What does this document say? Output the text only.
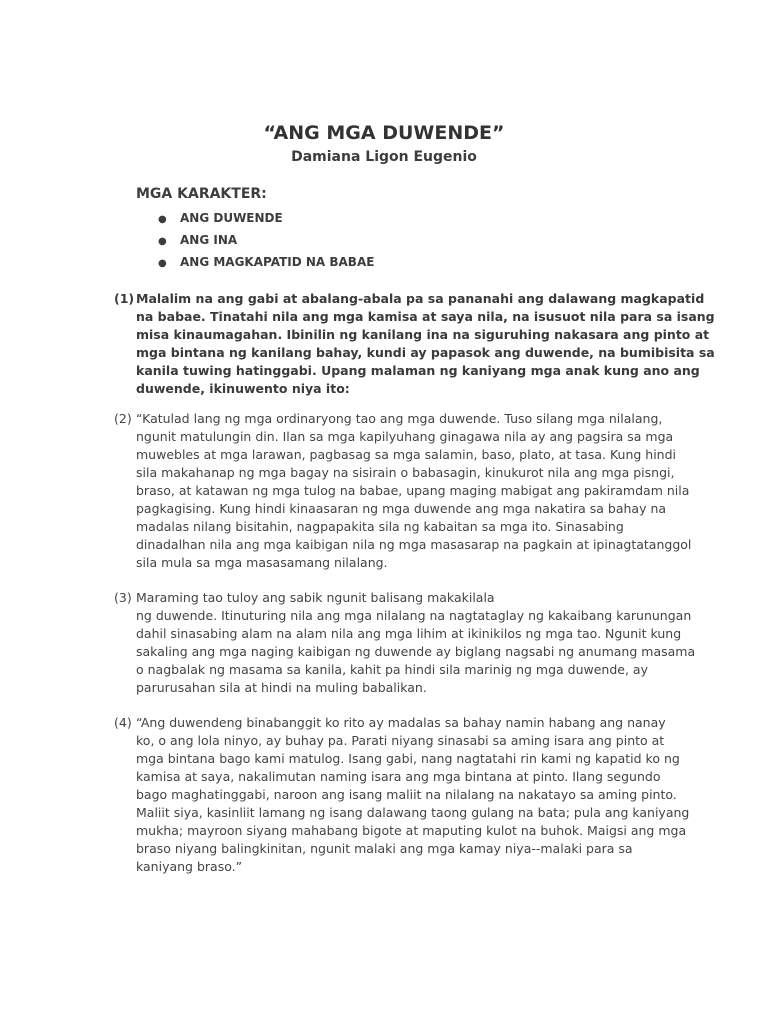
“ANG MGA DUWENDE”
Damiana Ligon Eugenio
MGA KARAKTER:
● ANG DUWENDE
● ANG INA
● ANG MAGKAPATID NA BABAE
(1) Malalim na ang gabi at abalang-abala pa sa pananahi ang dalawang magkapatid
na babae. Tinatahi nila ang mga kamisa at saya nila, na isusuot nila para sa isang
misa kinaumagahan. Ibinilin ng kanilang ina na siguruhing nakasara ang pinto at
mga bintana ng kanilang bahay, kundi ay papasok ang duwende, na bumibisita sa
kanila tuwing hatinggabi. Upang malaman ng kaniyang mga anak kung ano ang
duwende, ikinuwento niya ito:
(2) “Katulad lang ng mga ordinaryong tao ang mga duwende. Tuso silang mga nilalang,
ngunit matulungin din. Ilan sa mga kapilyuhang ginagawa nila ay ang pagsira sa mga
muwebles at mga larawan, pagbasag sa mga salamin, baso, plato, at tasa. Kung hindi
sila makahanap ng mga bagay na sisirain o babasagin, kinukurot nila ang mga pisngi,
braso, at katawan ng mga tulog na babae, upang maging mabigat ang pakiramdam nila
pagkagising. Kung hindi kinaasaran ng mga duwende ang mga nakatira sa bahay na
madalas nilang bisitahin, nagpapakita sila ng kabaitan sa mga ito. Sinasabing
dinadalhan nila ang mga kaibigan nila ng mga masasarap na pagkain at ipinagtatanggol
sila mula sa mga masasamang nilalang.
(3) Maraming tao tuloy ang sabik ngunit balisang makakilala
ng duwende. Itinuturing nila ang mga nilalang na nagtataglay ng kakaibang karunungan
dahil sinasabing alam na alam nila ang mga lihim at ikinikilos ng mga tao. Ngunit kung
sakaling ang mga naging kaibigan ng duwende ay biglang nagsabi ng anumang masama
o nagbalak ng masama sa kanila, kahit pa hindi sila marinig ng mga duwende, ay
parurusahan sila at hindi na muling babalikan.
(4) “Ang duwendeng binabanggit ko rito ay madalas sa bahay namin habang ang nanay
ko, o ang lola ninyo, ay buhay pa. Parati niyang sinasabi sa aming isara ang pinto at
mga bintana bago kami matulog. Isang gabi, nang nagtatahi rin kami ng kapatid ko ng
kamisa at saya, nakalimutan naming isara ang mga bintana at pinto. Ilang segundo
bago maghatinggabi, naroon ang isang maliit na nilalang na nakatayo sa aming pinto.
Maliit siya, kasinliit lamang ng isang dalawang taong gulang na bata; pula ang kaniyang
mukha; mayroon siyang mahabang bigote at maputing kulot na buhok. Maigsi ang mga
braso niyang balingkinitan, ngunit malaki ang mga kamay niya--malaki para sa
kaniyang braso.”
